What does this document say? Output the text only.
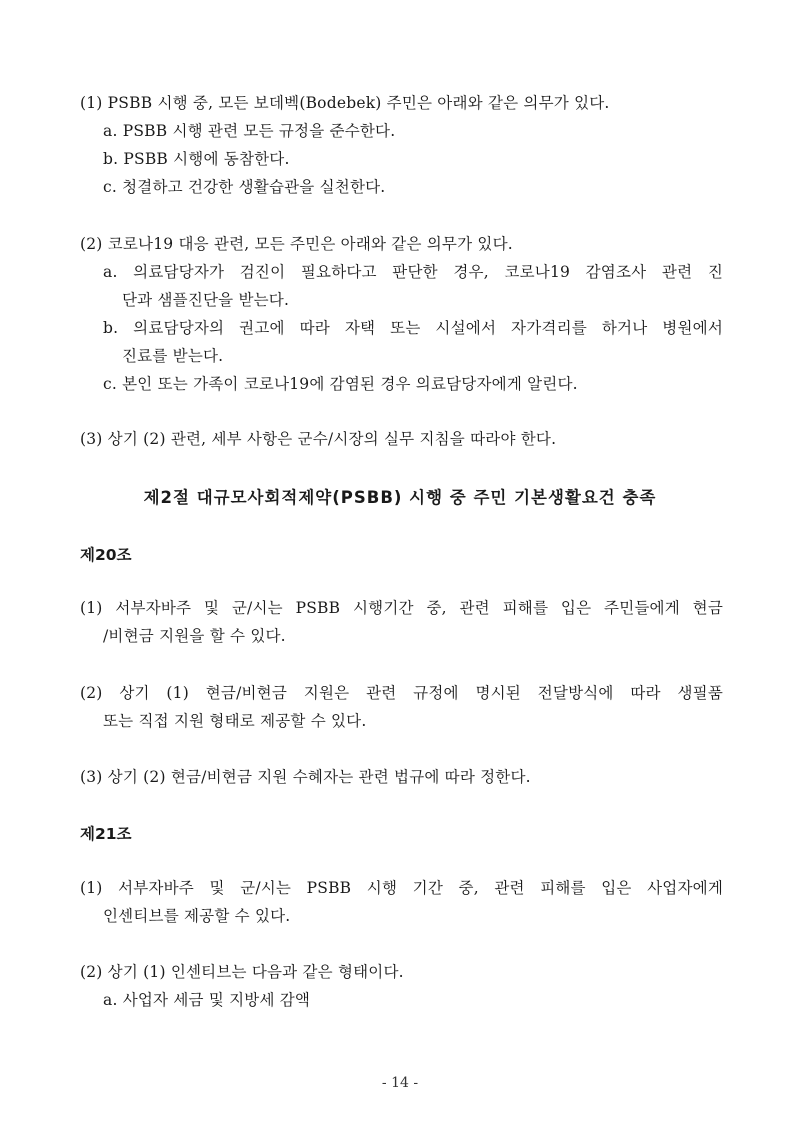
(1) PSBB 시행 중, 모든 보데벡(Bodebek) 주민은 아래와 같은 의무가 있다.
a. PSBB 시행 관련 모든 규정을 준수한다.
b. PSBB 시행에 동참한다.
c. 청결하고 건강한 생활습관을 실천한다.
(2) 코로나19 대응 관련, 모든 주민은 아래와 같은 의무가 있다.
a. 의료담당자가 검진이 필요하다고 판단한 경우, 코로나19 감염조사 관련 진
단과 샘플진단을 받는다.
b. 의료담당자의 권고에 따라 자택 또는 시설에서 자가격리를 하거나 병원에서
진료를 받는다.
c. 본인 또는 가족이 코로나19에 감염된 경우 의료담당자에게 알린다.
(3) 상기 (2) 관련, 세부 사항은 군수/시장의 실무 지침을 따라야 한다.
제2절 대규모사회적제약(PSBB) 시행 중 주민 기본생활요건 충족
제20조
(1) 서부자바주 및 군/시는 PSBB 시행기간 중, 관련 피해를 입은 주민들에게 현금
/비현금 지원을 할 수 있다.
(2) 상기 (1) 현금/비현금 지원은 관련 규정에 명시된 전달방식에 따라 생필품
또는 직접 지원 형태로 제공할 수 있다.
(3) 상기 (2) 현금/비현금 지원 수혜자는 관련 법규에 따라 정한다.
제21조
(1) 서부자바주 및 군/시는 PSBB 시행 기간 중, 관련 피해를 입은 사업자에게
인센티브를 제공할 수 있다.
(2) 상기 (1) 인센티브는 다음과 같은 형태이다.
a. 사업자 세금 및 지방세 감액
- 14 -
